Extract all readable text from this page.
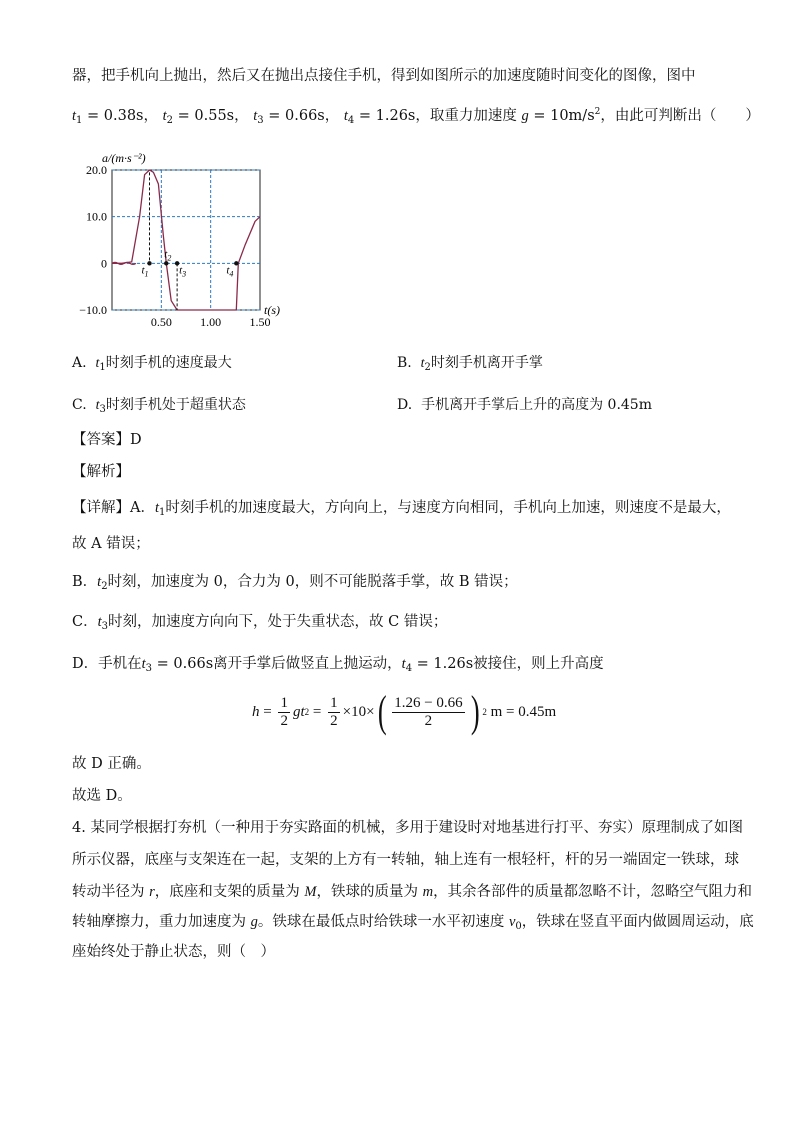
器，把手机向上抛出，然后又在抛出点接住手机，得到如图所示的加速度随时间变化的图像，图中
$t_1 = 0.38s$， $t_2 = 0.55s$， $t_3 = 0.66s$， $t_4 = 1.26s$，取重力加速度 $g = 10m/s^2$，由此可判断出（　　）
20.0
10.0
0
−10.0
0.50 1.00 1.50
a/(m·s⁻²)
t(s)
$t_1$
$t_2$
$t_3$	$t_4$
A. $t_1$时刻手机的速度最大	B. $t_2$时刻手机离开手掌
C. $t_3$时刻手机处于超重状态	D. 手机离开手掌后上升的高度为 0.45m
【答案】D
【解析】
【详解】A．$t_1$时刻手机的加速度最大，方向向上，与速度方向相同，手机向上加速，则速度不是最大，
故 A 错误；
B．$t_2$时刻，加速度为 0，合力为 0，则不可能脱落手掌，故 B 错误；
C．$t_3$时刻，加速度方向向下，处于失重状态，故 C 错误；
D．手机在$t_3 = 0.66s$离开手掌后做竖直上抛运动，$t_4 = 1.26s$被接住，则上升高度
$h = \frac{1}{2}$ gt $2 = \frac{1}{2} \times 10\times$ ( $\frac{1.26 - 0.66}{2}$ ) 2 m = 0.45m
故 D 正确。
故选 D。
4. 某同学根据打夯机（一种用于夯实路面的机械，多用于建设时对地基进行打平、夯实）原理制成了如图
所示仪器，底座与支架连在一起，支架的上方有一转轴，轴上连有一根轻杆，杆的另一端固定一铁球，球
转动半径为 r，底座和支架的质量为 M，铁球的质量为 m，其余各部件的质量都忽略不计，忽略空气阻力和
转轴摩擦力，重力加速度为 g。铁球在最低点时给铁球一水平初速度 $v_0$，铁球在竖直平面内做圆周运动，底
座始终处于静止状态，则（　）
